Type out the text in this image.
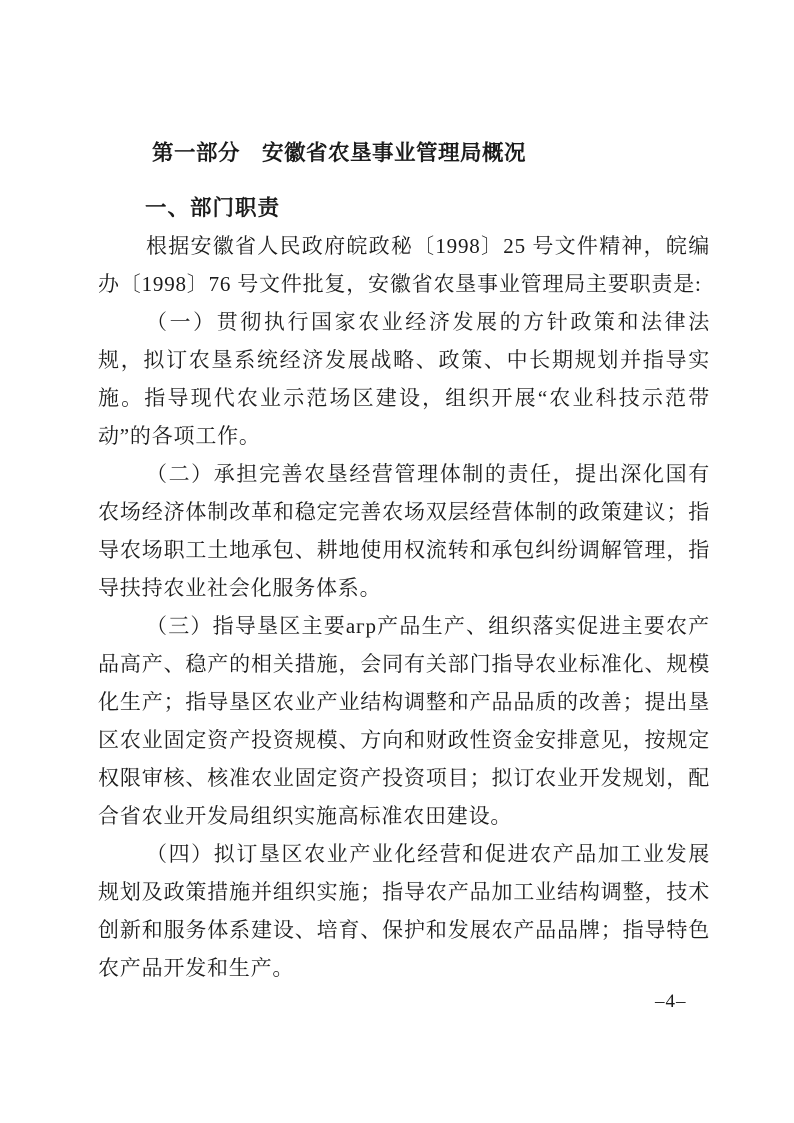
第一部分　安徽省农垦事业管理局概况
一、部门职责

根据安徽省人民政府皖政秘〔1998〕25 号文件精神，皖编办〔1998〕76 号文件批复，安徽省农垦事业管理局主要职责是:

（一）贯彻执行国家农业经济发展的方针政策和法律法规，拟订农垦系统经济发展战略、政策、中长期规划并指导实施。指导现代农业示范场区建设，组织开展“农业科技示范带动”的各项工作。

（二）承担完善农垦经营管理体制的责任，提出深化国有农场经济体制改革和稳定完善农场双层经营体制的政策建议；指导农场职工土地承包、耕地使用权流转和承包纠纷调解管理，指导扶持农业社会化服务体系。

（三）指导垦区主要агр产品生产、组织落实促进主要农产品高产、稳产的相关措施，会同有关部门指导农业标准化、规模化生产；指导垦区农业产业结构调整和产品品质的改善；提出垦区农业固定资产投资规模、方向和财政性资金安排意见，按规定权限审核、核准农业固定资产投资项目；拟订农业开发规划，配合省农业开发局组织实施高标准农田建设。

（四）拟订垦区农业产业化经营和促进农产品加工业发展规划及政策措施并组织实施；指导农产品加工业结构调整，技术创新和服务体系建设、培育、保护和发展农产品品牌；指导特色农产品开发和生产。

–4–
